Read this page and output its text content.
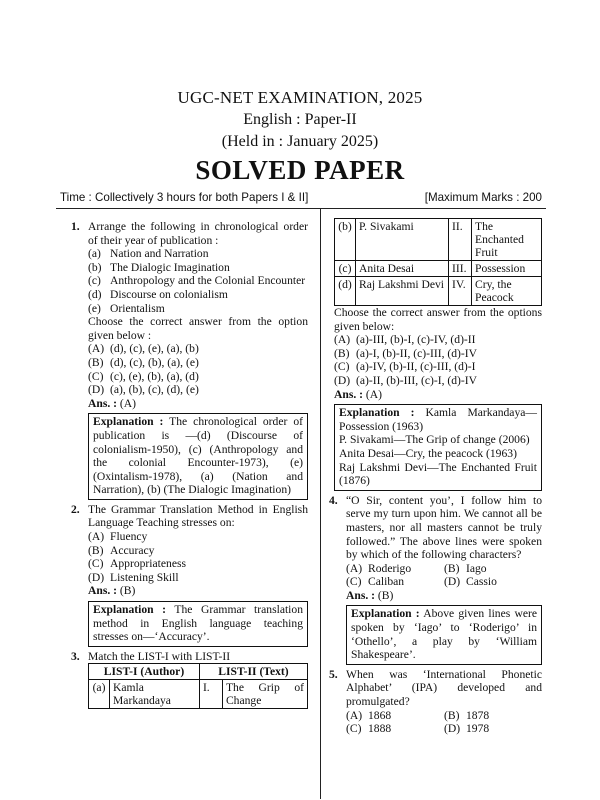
UGC-NET EXAMINATION, 2025
English : Paper-II
(Held in : January 2025)
SOLVED PAPER
Time : Collectively 3 hours for both Papers I & II]	[Maximum Marks : 200
1. Arrange the following in chronological order of their year of publication :
(a) Nation and Narration
(b) The Dialogic Imagination
(c) Anthropology and the Colonial Encounter
(d) Discourse on colonialism
(e) Orientalism
Choose the correct answer from the option given below :
(A) (d), (c), (e), (a), (b)
(B) (d), (c), (b), (a), (e)
(C) (c), (e), (b), (a), (d)
(D) (a), (b), (c), (d), (e)
Ans. : (A)
Explanation : The chronological order of publication is —(d) (Discourse of colonialism-1950), (c) (Anthropology and the colonial Encounter-1973), (e) (Oxintalism-1978), (a) (Nation and Narration), (b) (The Dialogic Imagination)
2. The Grammar Translation Method in English Language Teaching stresses on:
(A) Fluency
(B) Accuracy
(C) Appropriateness
(D) Listening Skill
Ans. : (B)
Explanation : The Grammar translation method in English language teaching stresses on—‘Accuracy’.
3. Match the LIST-I with LIST-II
LIST-I (Author)		LIST-II (Text)	
(a)	Kamla Markandaya	I.	The Grip of Change
(b)	P. Sivakami	II.	The Enchanted Fruit
(c)	Anita Desai	III.	Possession
(d)	Raj Lakshmi Devi	IV.	Cry, the Peacock
Choose the correct answer from the options given below:
(A) (a)-III, (b)-I, (c)-IV, (d)-II
(B) (a)-I, (b)-II, (c)-III, (d)-IV
(C) (a)-IV, (b)-II, (c)-III, (d)-I
(D) (a)-II, (b)-III, (c)-I, (d)-IV
Ans. : (A)
Explanation : Kamla Markandaya—Possession (1963)
P. Sivakami—The Grip of change (2006)
Anita Desai—Cry, the peacock (1963)
Raj Lakshmi Devi—The Enchanted Fruit (1876)
4. “O Sir, content you’, I follow him to serve my turn upon him. We cannot all be masters, nor all masters cannot be truly followed.” The above lines were spoken by which of the following characters?
(A) Roderigo	(B) Iago
(C) Caliban	(D) Cassio
Ans. : (B)
Explanation : Above given lines were spoken by ‘Iago’ to ‘Roderigo’ in ‘Othello’, a play by ‘William Shakespeare’.
5. When was ‘International Phonetic Alphabet’ (IPA) developed and promulgated?
(A) 1868	(B) 1878
(C) 1888	(D) 1978
